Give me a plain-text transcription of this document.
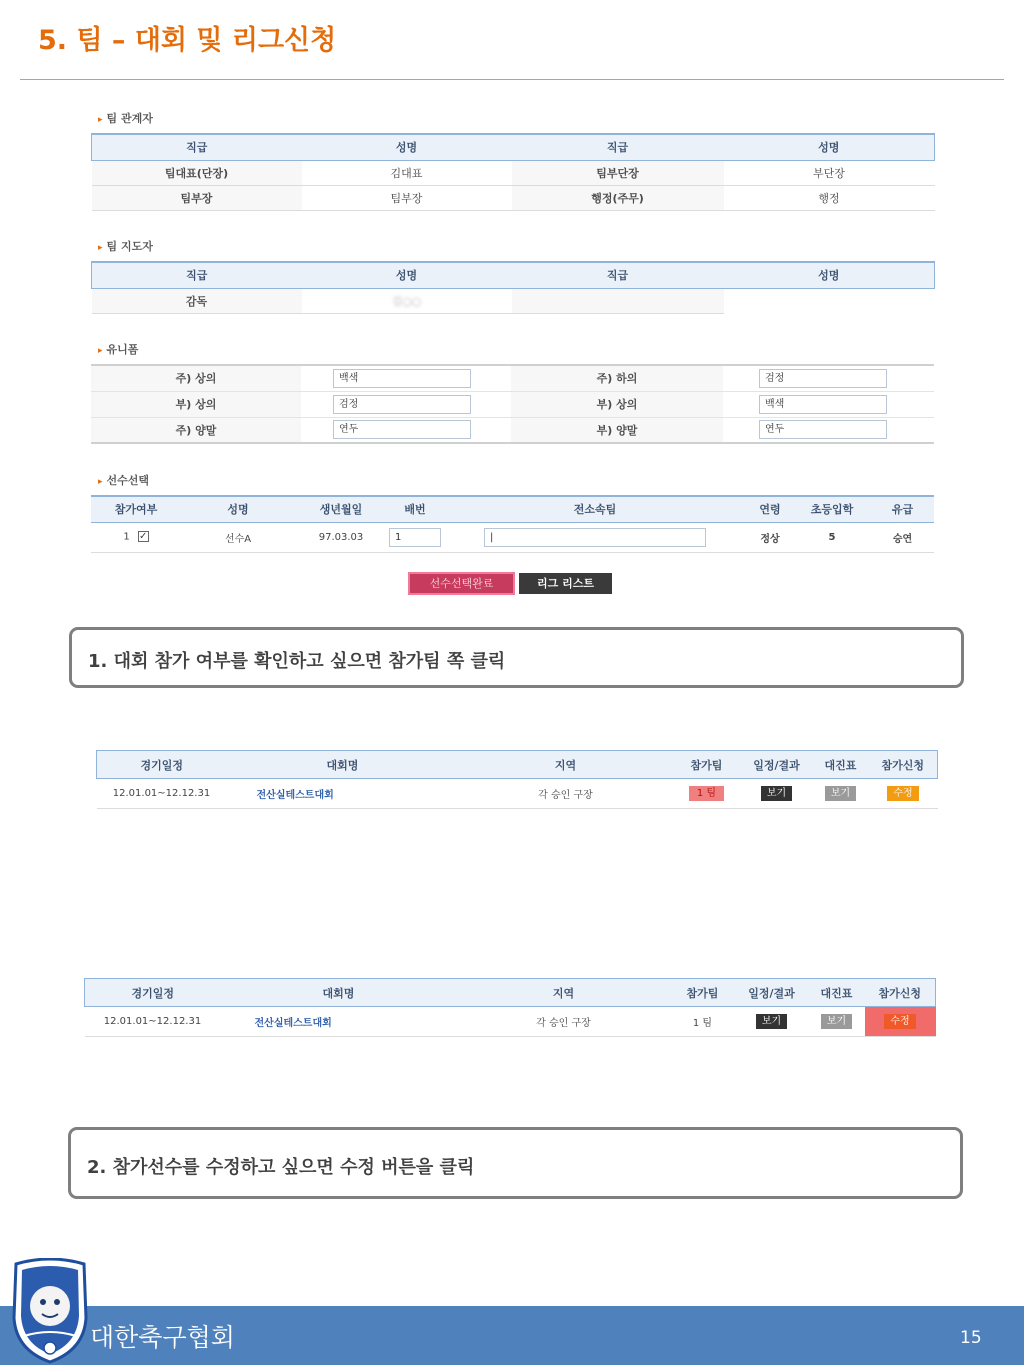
5. 팀 – 대회 및 리그신청
▸ 팀 관계자
직급	성명	직급	성명
팀대표(단장)	김대표	팀부단장	부단장
팀부장	팀부장	행정(주무)	행정
▸ 팀 지도자
직급	성명	직급	성명
감독	김○○		
▸ 유니폼
주) 상의	백색	주) 하의	검정
부) 상의	검정	부) 상의	백색
주) 양말	연두	부) 양말	연두
▸ 선수선택
참가여부	성명	생년월일	배번	전소속팀	연령	초등입학	유급
1 ✓	선수A	97.03.03	1	|	정상	5	승연
선수선택완료	리그 리스트
1. 대회 참가 여부를 확인하고 싶으면 참가팀 쪽 클릭
경기일정	대회명	지역	참가팀	일정/결과	대진표	참가신청
12.01.01~12.12.31	전산실테스트대회	각 승인 구장	1 팀	보기	보기	수정
경기일정	대회명	지역	참가팀	일정/결과	대진표	참가신청
12.01.01~12.12.31	전산실테스트대회	각 승인 구장	1 팀	보기	보기	수정
2. 참가선수를 수정하고 싶으면 수정 버튼을 클릭
대한축구협회	15
